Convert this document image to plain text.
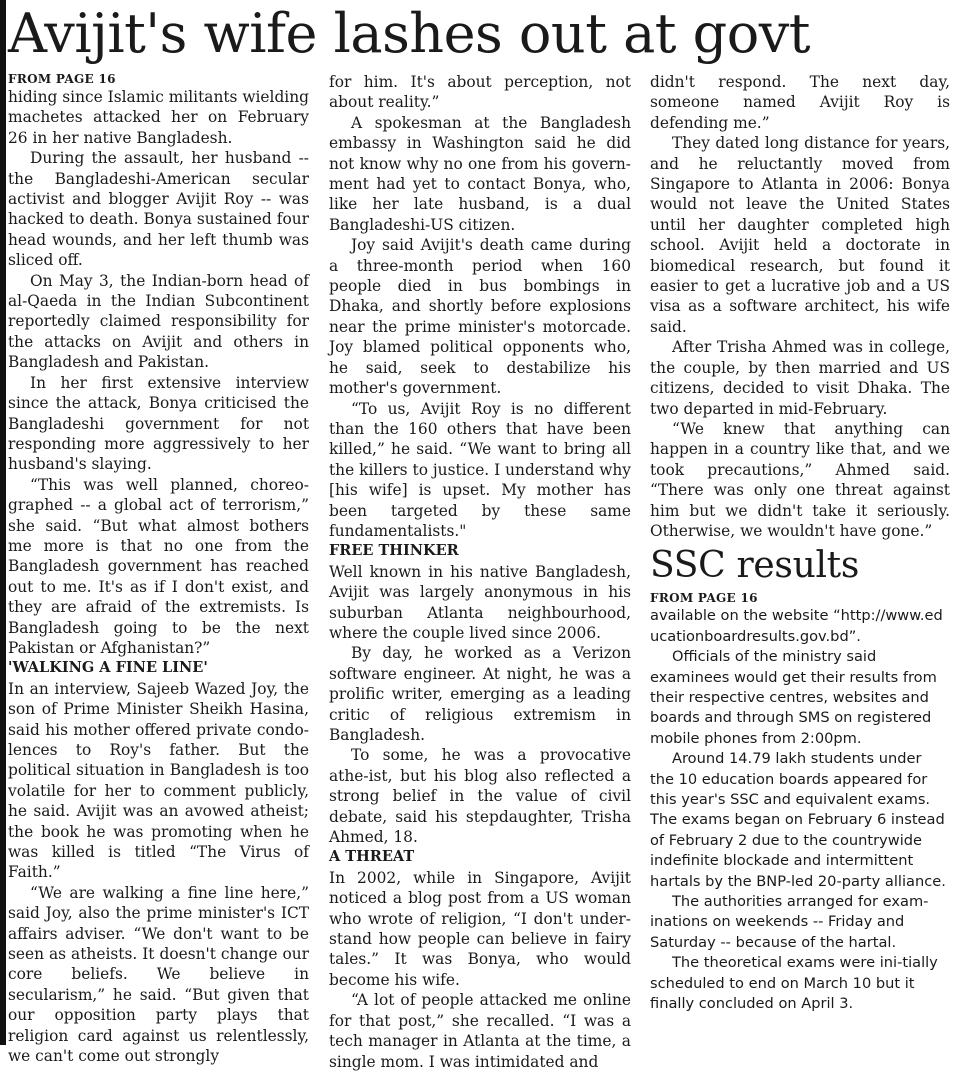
Avijit's wife lashes out at govt

FROM PAGE 16

hiding since Islamic militants wielding machetes attacked her on February 26 in her native Bangladesh.

During the assault, her husband -- the Bangladeshi-American secular activist and blogger Avijit Roy -- was hacked to death. Bonya sustained four head wounds, and her left thumb was sliced off.

On May 3, the Indian-born head of al-Qaeda in the Indian Subcontinent reportedly claimed responsibility for the attacks on Avijit and others in Bangladesh and Pakistan.

In her first extensive interview since the attack, Bonya criticised the Bangladeshi government for not responding more aggressively to her husband's slaying.

“This was well planned, choreo-graphed -- a global act of terrorism,” she said. “But what almost bothers me more is that no one from the Bangladesh government has reached out to me. It's as if I don't exist, and they are afraid of the extremists. Is Bangladesh going to be the next Pakistan or Afghanistan?”

'WALKING A FINE LINE'

In an interview, Sajeeb Wazed Joy, the son of Prime Minister Sheikh Hasina, said his mother offered private condo-lences to Roy's father. But the political situation in Bangladesh is too volatile for her to comment publicly, he said. Avijit was an avowed atheist; the book he was promoting when he was killed is titled “The Virus of Faith.”

“We are walking a fine line here,” said Joy, also the prime minister's ICT affairs adviser. “We don't want to be seen as atheists. It doesn't change our core beliefs. We believe in secularism,” he said. “But given that our opposition party plays that religion card against us relentlessly, we can't come out strongly

for him. It's about perception, not about reality.”

A spokesman at the Bangladesh embassy in Washington said he did not know why no one from his govern-ment had yet to contact Bonya, who, like her late husband, is a dual Bangladeshi-US citizen.

Joy said Avijit's death came during a three-month period when 160 people died in bus bombings in Dhaka, and shortly before explosions near the prime minister's motorcade. Joy blamed political opponents who, he said, seek to destabilize his mother's government.

“To us, Avijit Roy is no different than the 160 others that have been killed,” he said. “We want to bring all the killers to justice. I understand why [his wife] is upset. My mother has been targeted by these same fundamentalists."

FREE THINKER

Well known in his native Bangladesh, Avijit was largely anonymous in his suburban Atlanta neighbourhood, where the couple lived since 2006.

By day, he worked as a Verizon software engineer. At night, he was a prolific writer, emerging as a leading critic of religious extremism in Bangladesh.

To some, he was a provocative athe-ist, but his blog also reflected a strong belief in the value of civil debate, said his stepdaughter, Trisha Ahmed, 18.

A THREAT

In 2002, while in Singapore, Avijit noticed a blog post from a US woman who wrote of religion, “I don't under-stand how people can believe in fairy tales.” It was Bonya, who would become his wife.

“A lot of people attacked me online for that post,” she recalled. “I was a tech manager in Atlanta at the time, a single mom. I was intimidated and

didn't respond. The next day, someone named Avijit Roy is defending me.”

They dated long distance for years, and he reluctantly moved from Singapore to Atlanta in 2006: Bonya would not leave the United States until her daughter completed high school. Avijit held a doctorate in biomedical research, but found it easier to get a lucrative job and a US visa as a software architect, his wife said.

After Trisha Ahmed was in college, the couple, by then married and US citizens, decided to visit Dhaka. The two departed in mid-February.

“We knew that anything can happen in a country like that, and we took precautions,” Ahmed said. “There was only one threat against him but we didn't take it seriously. Otherwise, we wouldn't have gone.”

SSC results

FROM PAGE 16

available on the website “http://www.educationboardresults.gov.bd”.

Officials of the ministry said examinees would get their results from their respective centres, websites and boards and through SMS on registered mobile phones from 2:00pm.

Around 14.79 lakh students under the 10 education boards appeared for this year's SSC and equivalent exams. The exams began on February 6 instead of February 2 due to the countrywide indefinite blockade and intermittent hartals by the BNP-led 20-party alliance.

The authorities arranged for exam-inations on weekends -- Friday and Saturday -- because of the hartal.

The theoretical exams were ini-tially scheduled to end on March 10 but it finally concluded on April 3.
